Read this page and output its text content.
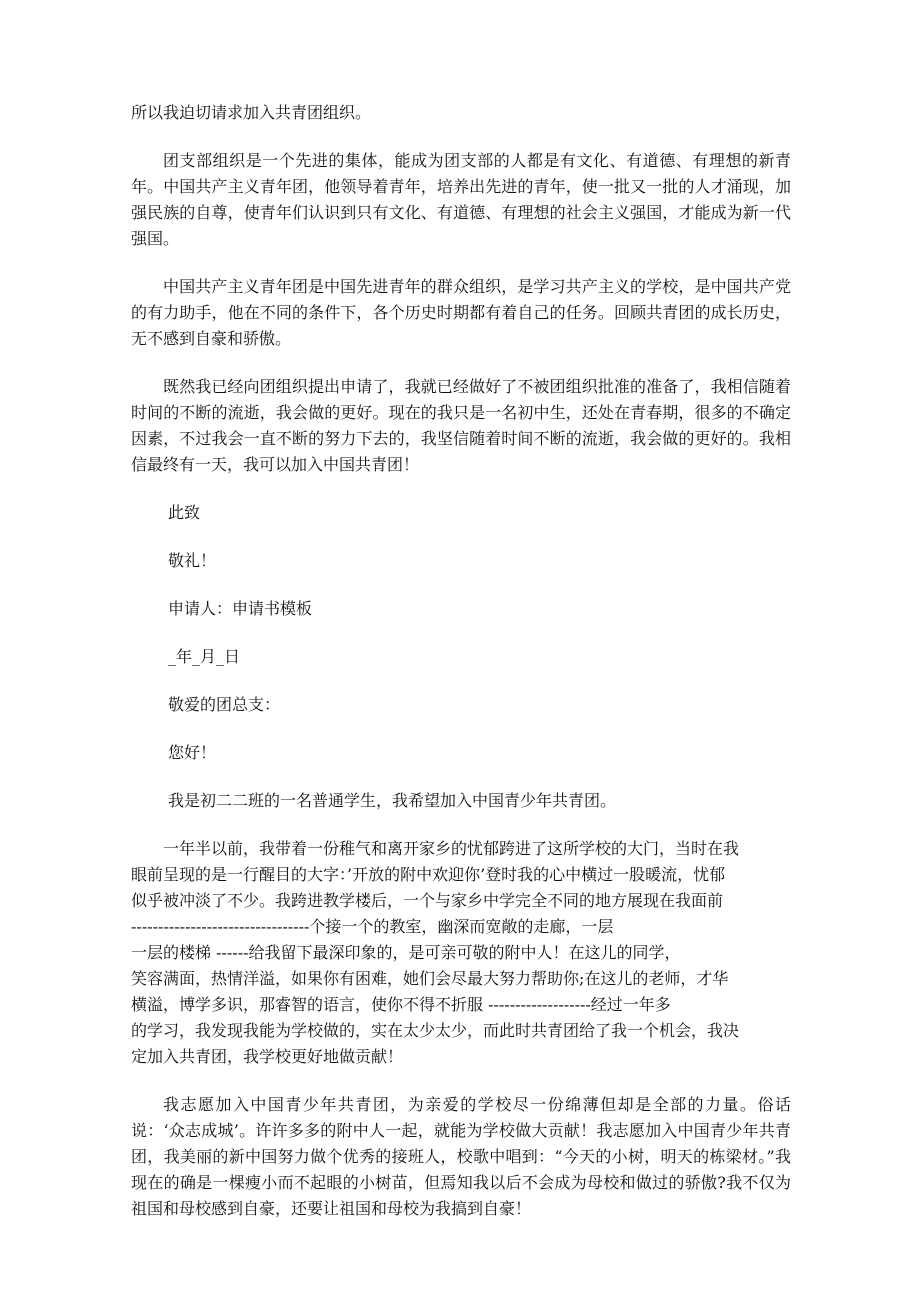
所以我迫切请求加入共青团组织。

团支部组织是一个先进的集体，能成为团支部的人都是有文化、有道德、有理想的新青年。中国共产主义青年团，他领导着青年，培养出先进的青年，使一批又一批的人才涌现，加强民族的自尊，使青年们认识到只有文化、有道德、有理想的社会主义强国，才能成为新一代强国。

中国共产主义青年团是中国先进青年的群众组织，是学习共产主义的学校，是中国共产党的有力助手，他在不同的条件下，各个历史时期都有着自己的任务。回顾共青团的成长历史，无不感到自豪和骄傲。

既然我已经向团组织提出申请了，我就已经做好了不被团组织批准的准备了，我相信随着时间的不断的流逝，我会做的更好。现在的我只是一名初中生，还处在青春期，很多的不确定因素，不过我会一直不断的努力下去的，我坚信随着时间不断的流逝，我会做的更好的。我相信最终有一天，我可以加入中国共青团！

此致
敬礼！
申请人：申请书模板
_年_月_日
敬爱的团总支：
您好！
我是初二二班的一名普通学生，我希望加入中国青少年共青团。
一年半以前，我带着一份稚气和离开家乡的忧郁跨进了这所学校的大门，当时在我
眼前呈现的是一行醒目的大字：’开放的附中欢迎你’登时我的心中横过一股暖流，忧郁
似乎被冲淡了不少。我跨进教学楼后，一个与家乡中学完全不同的地方展现在我面前
---------------------------------个接一个的教室，幽深而宽敞的走廊，一层
一层的楼梯 ------给我留下最深印象的，是可亲可敬的附中人！在这儿的同学，
笑容满面，热情洋溢，如果你有困难，她们会尽最大努力帮助你;在这儿的老师，才华
横溢，博学多识，那睿智的语言，使你不得不折服 -------------------经过一年多
的学习，我发现我能为学校做的，实在太少太少，而此时共青团给了我一个机会，我决
定加入共青团，我学校更好地做贡献！

我志愿加入中国青少年共青团，为亲爱的学校尽一份绵薄但却是全部的力量。俗话说：‘众志成城’。许许多多的附中人一起，就能为学校做大贡献！我志愿加入中国青少年共青团，我美丽的新中国努力做个优秀的接班人，校歌中唱到：“今天的小树，明天的栋梁材。”我现在的确是一棵瘦小而不起眼的小树苗，但焉知我以后不会成为母校和做过的骄傲?我不仅为祖国和母校感到自豪，还要让祖国和母校为我搞到自豪！
